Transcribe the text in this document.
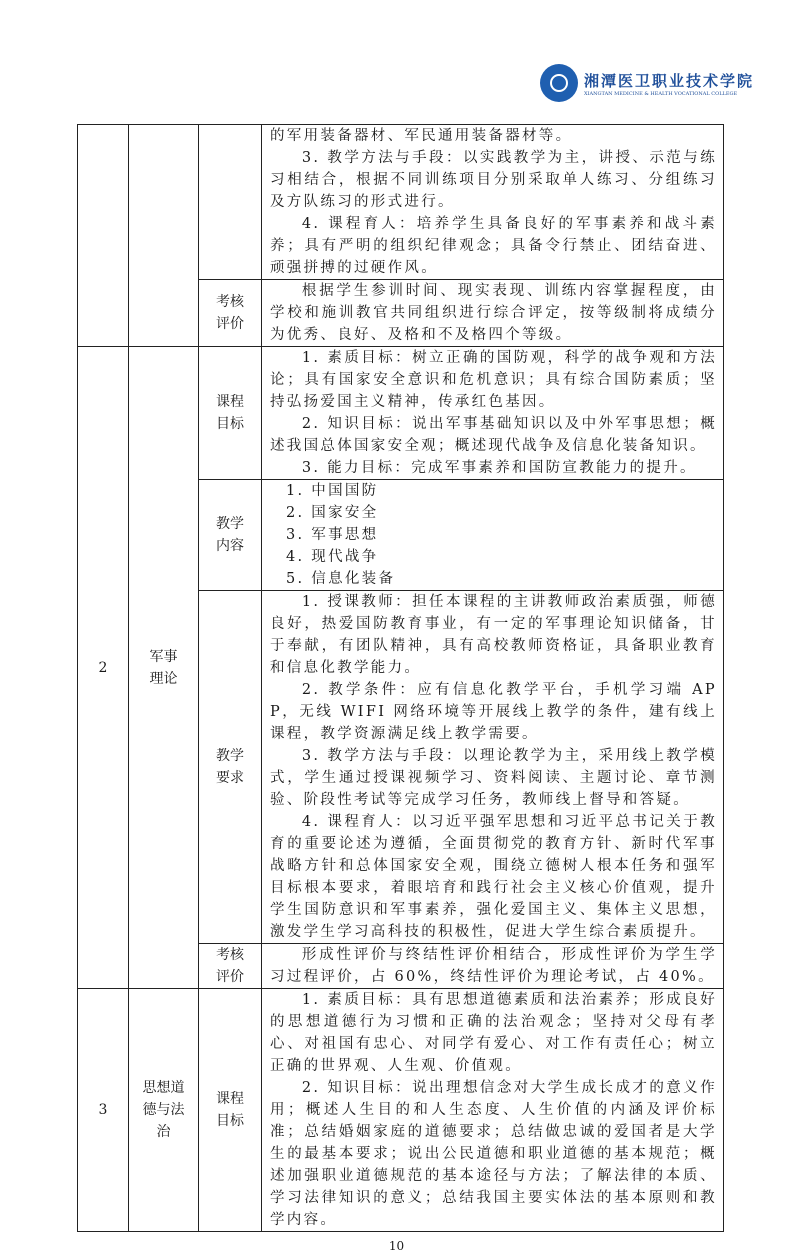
湘潭医卫职业技术学院
XIANGTAN MEDICINE & HEALTH VOCATIONAL COLLEGE

的军用装备器材、军民通用装备器材等。

3. 教学方法与手段：以实践教学为主，讲授、示范与练习相结合，根据不同训练项目分别采取单人练习、分组练习及方队练习的形式进行。

4. 课程育人：培养学生具备良好的军事素养和战斗素养；具有严明的组织纪律观念；具备令行禁止、团结奋进、顽强拼搏的过硬作风。

考核
评价

根据学生参训时间、现实表现、训练内容掌握程度，由学校和施训教官共同组织进行综合评定，按等级制将成绩分为优秀、良好、及格和不及格四个等级。

2
军事
理论
课程
目标

1. 素质目标：树立正确的国防观，科学的战争观和方法论；具有国家安全意识和危机意识；具有综合国防素质；坚持弘扬爱国主义精神，传承红色基因。

2. 知识目标：说出军事基础知识以及中外军事思想；概述我国总体国家安全观；概述现代战争及信息化装备知识。

3. 能力目标：完成军事素养和国防宣教能力的提升。

教学
内容

1. 中国国防

2. 国家安全

3. 军事思想

4. 现代战争

5. 信息化装备

教学
要求

1. 授课教师：担任本课程的主讲教师政治素质强，师德良好，热爱国防教育事业，有一定的军事理论知识储备，甘于奉献，有团队精神，具有高校教师资格证，具备职业教育和信息化教学能力。

2. 教学条件：应有信息化教学平台，手机学习端 APP，无线 WIFI 网络环境等开展线上教学的条件，建有线上课程，教学资源满足线上教学需要。

3. 教学方法与手段：以理论教学为主，采用线上教学模式，学生通过授课视频学习、资料阅读、主题讨论、章节测验、阶段性考试等完成学习任务，教师线上督导和答疑。

4. 课程育人：以习近平强军思想和习近平总书记关于教育的重要论述为遵循，全面贯彻党的教育方针、新时代军事战略方针和总体国家安全观，围绕立德树人根本任务和强军目标根本要求，着眼培育和践行社会主义核心价值观，提升学生国防意识和军事素养，强化爱国主义、集体主义思想，激发学生学习高科技的积极性，促进大学生综合素质提升。

考核
评价

形成性评价与终结性评价相结合，形成性评价为学生学习过程评价，占 60%，终结性评价为理论考试，占 40%。

3
思想道
德与法
治
课程
目标

1. 素质目标：具有思想道德素质和法治素养；形成良好的思想道德行为习惯和正确的法治观念；坚持对父母有孝心、对祖国有忠心、对同学有爱心、对工作有责任心；树立正确的世界观、人生观、价值观。

2. 知识目标：说出理想信念对大学生成长成才的意义作用；概述人生目的和人生态度、人生价值的内涵及评价标准；总结婚姻家庭的道德要求；总结做忠诚的爱国者是大学生的最基本要求；说出公民道德和职业道德的基本规范；概述加强职业道德规范的基本途径与方法；了解法律的本质、学习法律知识的意义；总结我国主要实体法的基本原则和教学内容。

10
